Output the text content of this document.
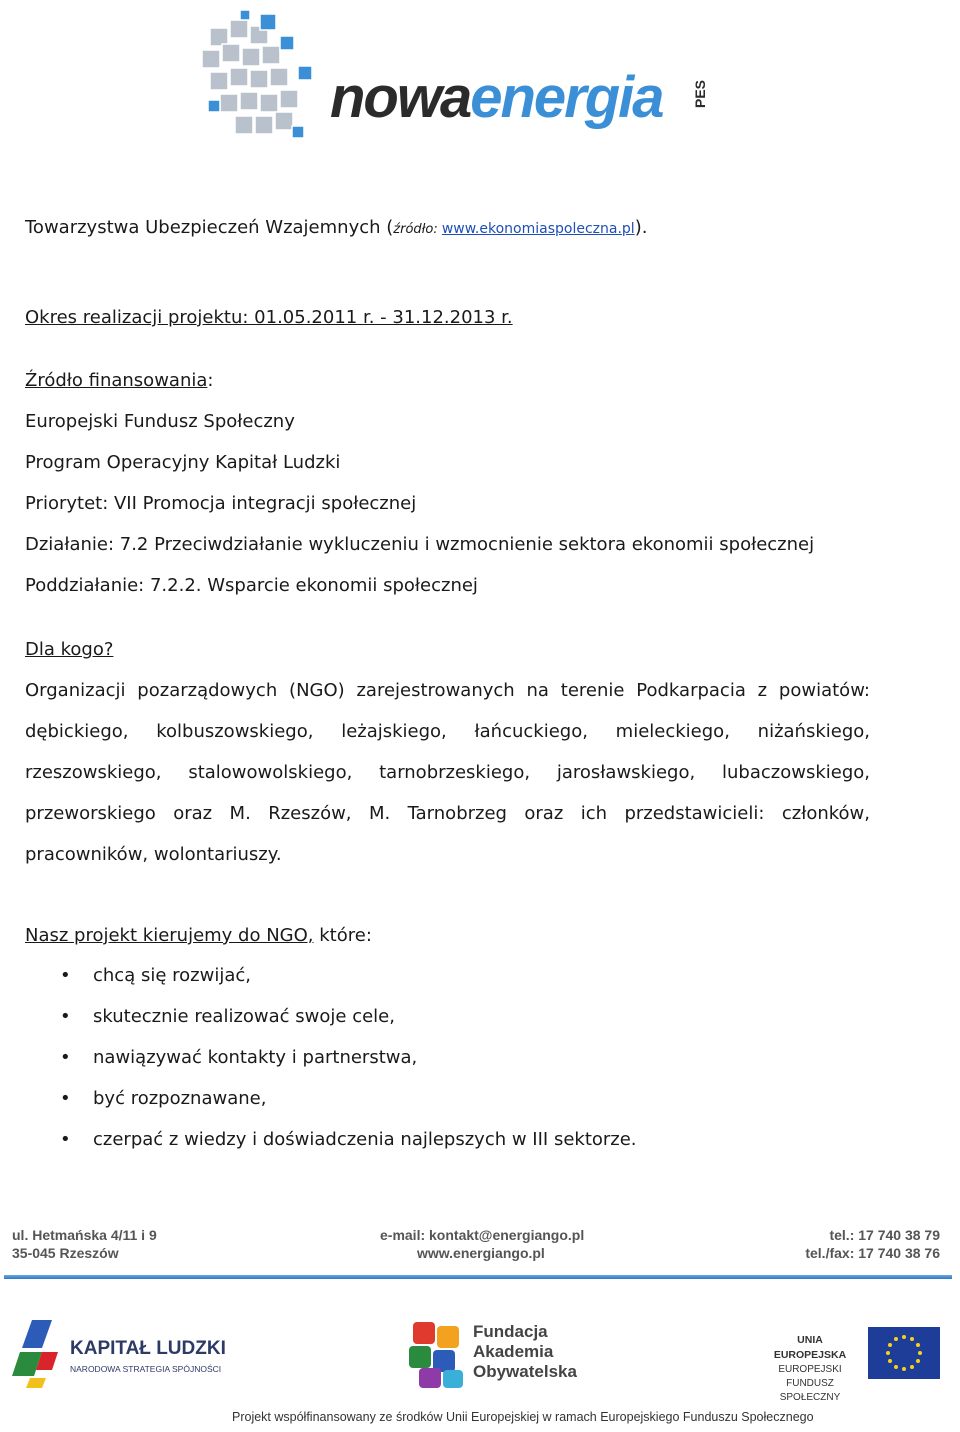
nowaenergia PES
Towarzystwa Ubezpieczeń Wzajemnych (źródło: www.ekonomiaspoleczna.pl).
Okres realizacji projektu: 01.05.2011 r. - 31.12.2013 r.
Źródło finansowania:
Europejski Fundusz Społeczny
Program Operacyjny Kapitał Ludzki
Priorytet: VII Promocja integracji społecznej
Działanie: 7.2 Przeciwdziałanie wykluczeniu i wzmocnienie sektora ekonomii społecznej
Poddziałanie: 7.2.2. Wsparcie ekonomii społecznej
Dla kogo?
Organizacji pozarządowych (NGO) zarejestrowanych na terenie Podkarpacia z powiatów:
dębickiego, kolbuszowskiego, leżajskiego, łańcuckiego, mieleckiego, niżańskiego,
rzeszowskiego, stalowowolskiego, tarnobrzeskiego, jarosławskiego, lubaczowskiego,
przeworskiego oraz M. Rzeszów, M. Tarnobrzeg oraz ich przedstawicieli: członków,
pracowników, wolontariuszy.
Nasz projekt kierujemy do NGO, które:
• chcą się rozwijać,
• skutecznie realizować swoje cele,
• nawiązywać kontakty i partnerstwa,
• być rozpoznawane,
• czerpać z wiedzy i doświadczenia najlepszych w III sektorze.
ul. Hetmańska 4/11 i 9
35-045 Rzeszów
e-mail: kontakt@energiango.pl
www.energiango.pl
tel.: 17 740 38 79
tel./fax: 17 740 38 76
KAPITAŁ LUDZKI
NARODOWA STRATEGIA SPÓJNOŚCI
Fundacja
Akademia
Obywatelska
UNIA EUROPEJSKA
EUROPEJSKI
FUNDUSZ SPOŁECZNY
Projekt współfinansowany ze środków Unii Europejskiej w ramach Europejskiego Funduszu Społecznego
